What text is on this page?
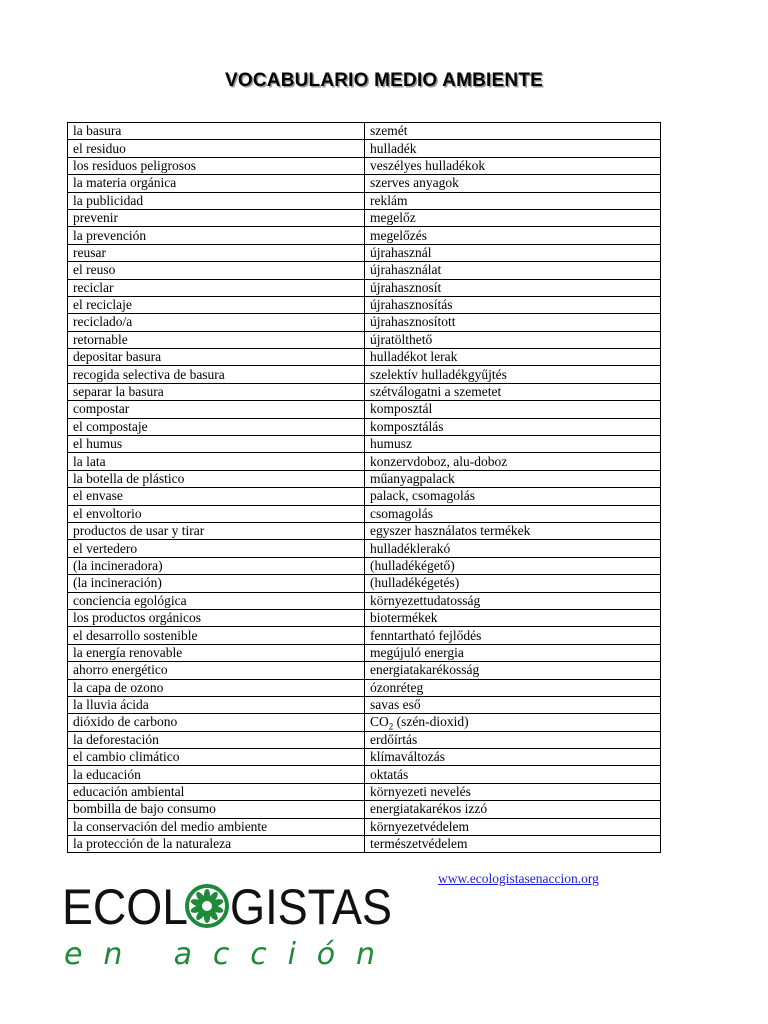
VOCABULARIO MEDIO AMBIENTE
la basura	szemét
el residuo	hulladék
los residuos peligrosos	veszélyes hulladékok
la materia orgánica	szerves anyagok
la publicidad	reklám
prevenir	megelőz
la prevención	megelőzés
reusar	újrahasznál
el reuso	újrahasználat
reciclar	újrahasznosít
el reciclaje	újrahasznosítás
reciclado/a	újrahasznosított
retornable	újratölthető
depositar basura	hulladékot lerak
recogida selectiva de basura	szelektív hulladékgyűjtés
separar la basura	szétválogatni a szemetet
compostar	komposztál
el compostaje	komposztálás
el humus	humusz
la lata	konzervdoboz, alu-doboz
la botella de plástico	műanyagpalack
el envase	palack, csomagolás
el envoltorio	csomagolás
productos de usar y tirar	egyszer használatos termékek
el vertedero	hulladéklerakó
(la incineradora)	(hulladékégető)
(la incineración)	(hulladékégetés)
conciencia egológica	környezettudatosság
los productos orgánicos	biotermékek
el desarrollo sostenible	fenntartható fejlődés
la energía renovable	megújuló energia
ahorro energético	energiatakarékosság
la capa de ozono	ózonréteg
la lluvia ácida	savas eső
dióxido de carbono	$CO_2$ (szén-dioxid)
la deforestación	erdőírtás
el cambio climático	klímaváltozás
la educación	oktatás
educación ambiental	környezeti nevelés
bombilla de bajo consumo	energiatakarékos izzó
la conservación del medio ambiente	környezetvédelem
la protección de la naturaleza	természetvédelem
www.ecologistasenaccion.org
ECOL GISTAS
en acción
